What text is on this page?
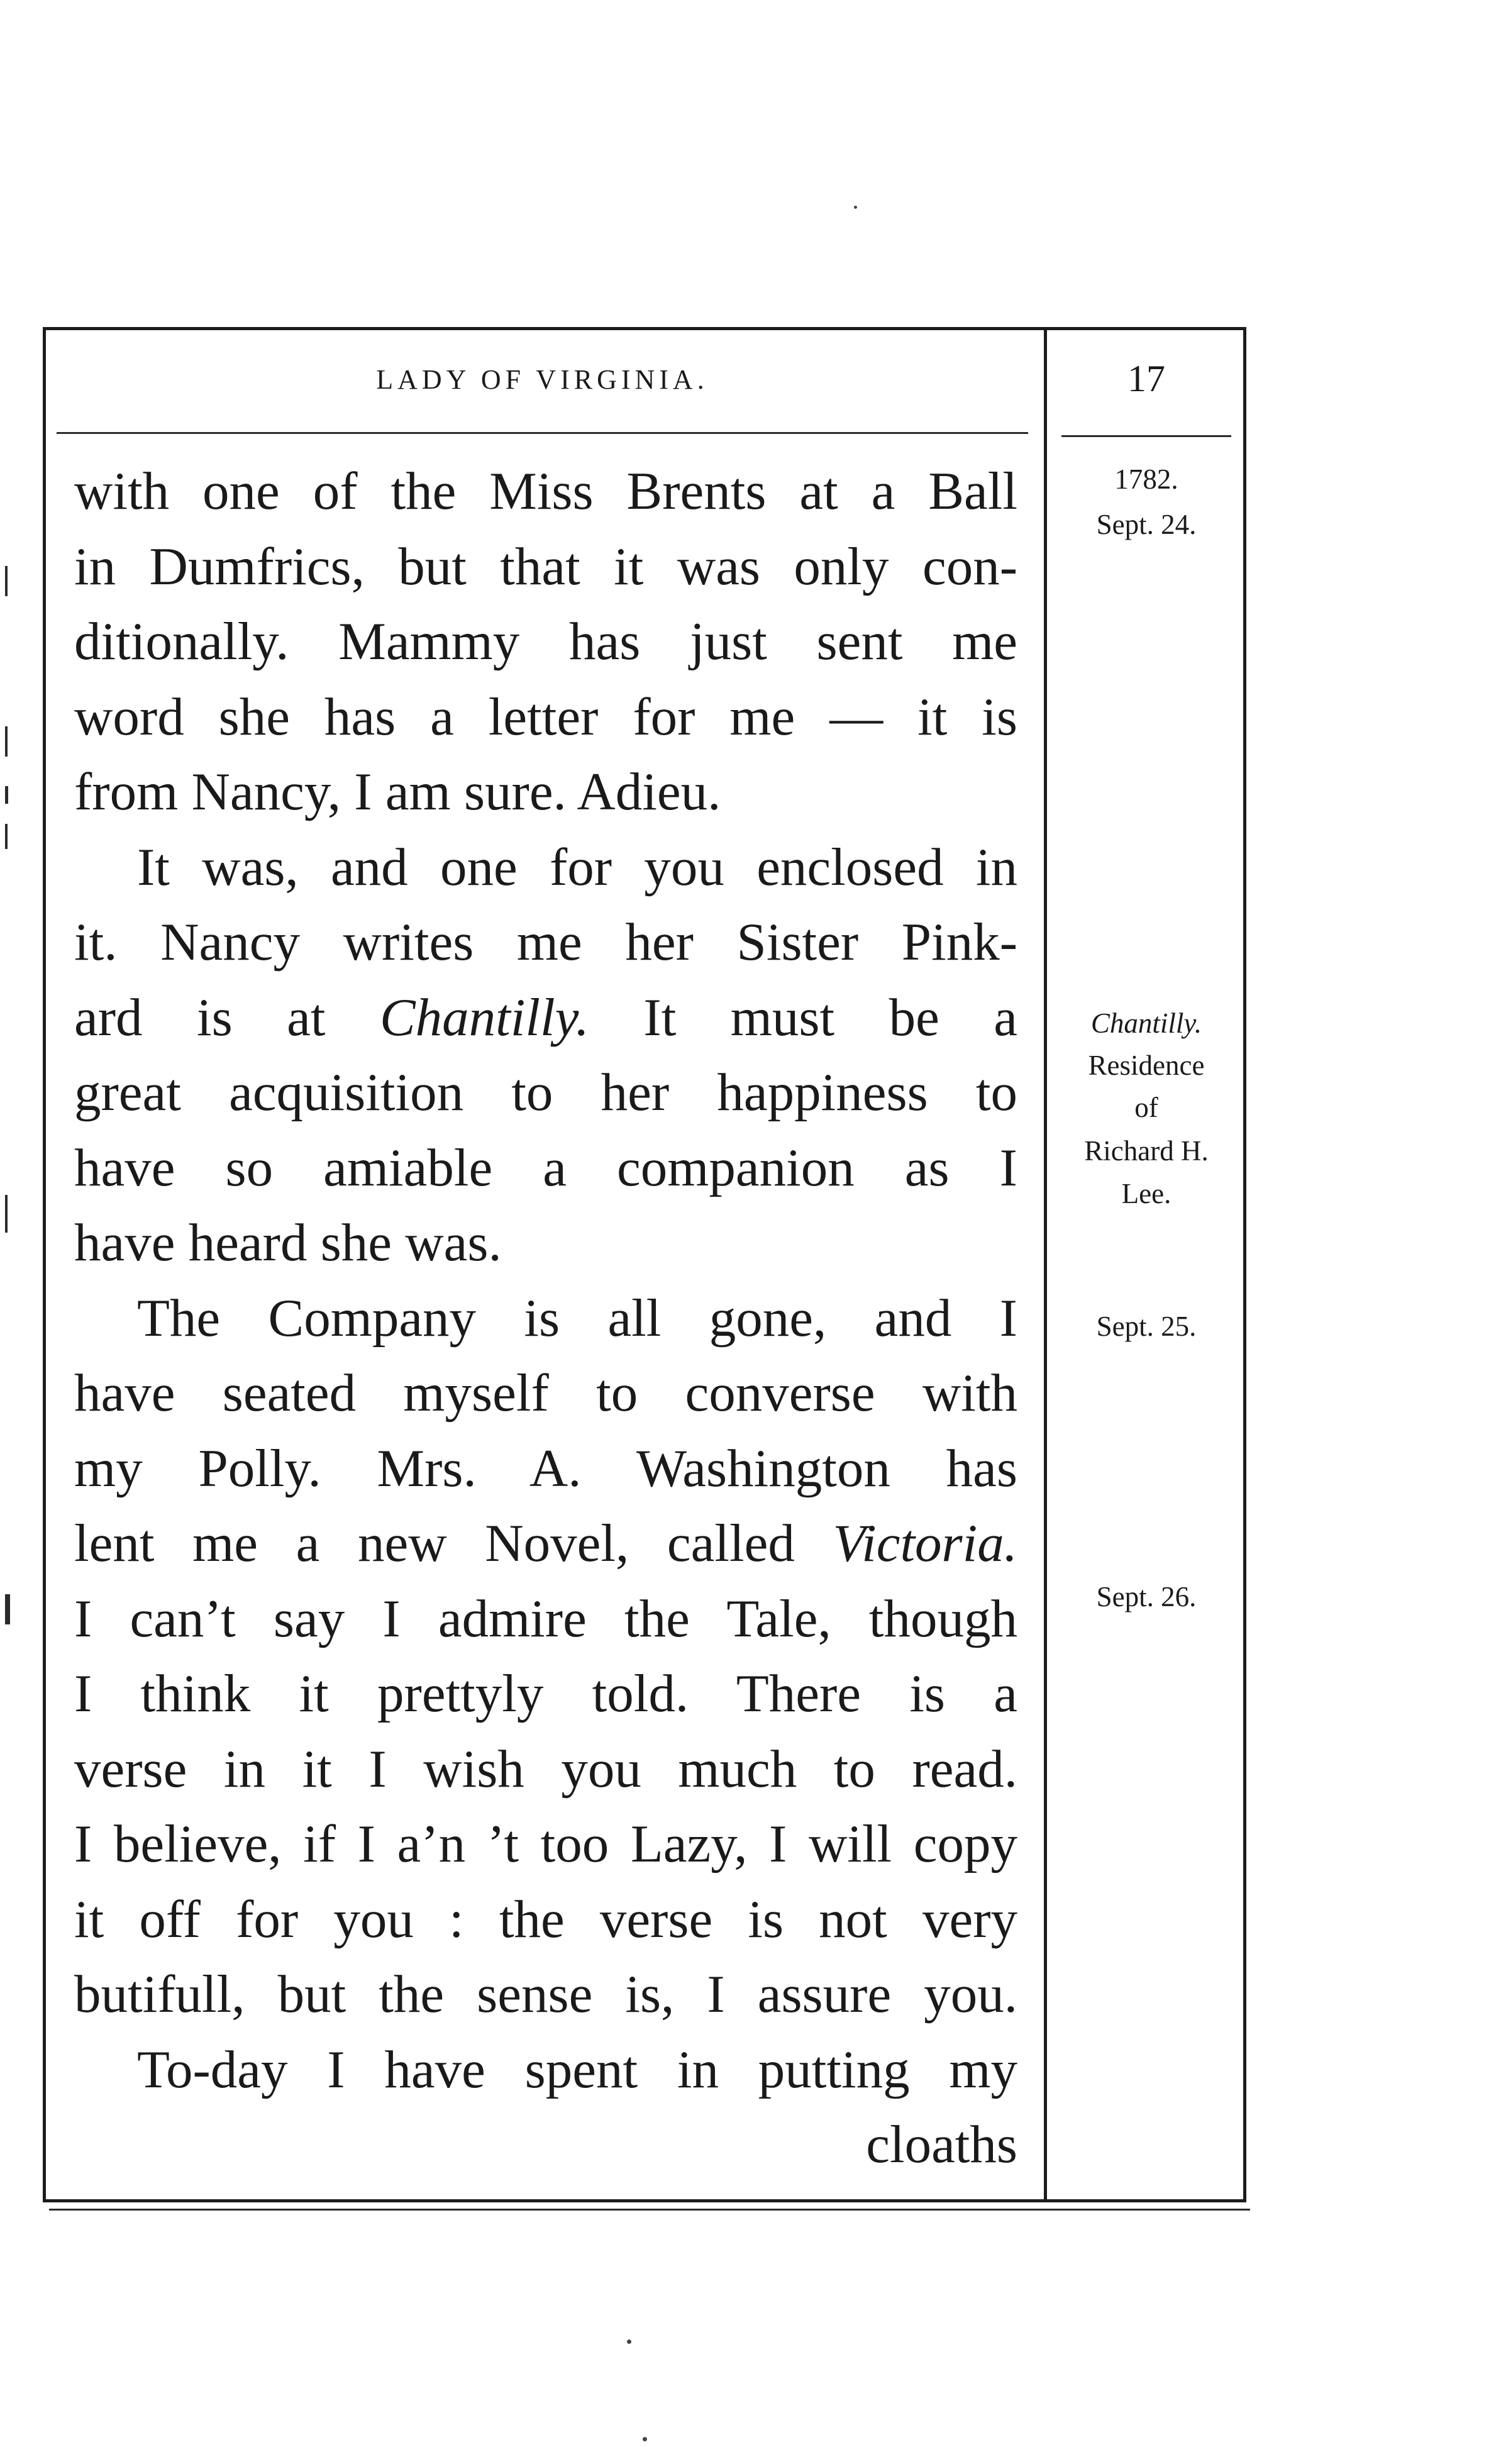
LADY OF VIRGINIA.	17
with one of the Miss Brents at a Ball
in Dumfrics, but that it was only con-
ditionally. Mammy has just sent me
word she has a letter for me — it is
from Nancy, I am sure. Adieu.
It was, and one for you enclosed in
it. Nancy writes me her Sister Pink-
ard is at Chantilly. It must be a
great acquisition to her happiness to
have so amiable a companion as I
have heard she was.
The Company is all gone, and I
have seated myself to converse with
my Polly. Mrs. A. Washington has
lent me a new Novel, called Victoria.
I can’t say I admire the Tale, though
I think it prettyly told. There is a
verse in it I wish you much to read.
I believe, if I a’n ’t too Lazy, I will copy
it off for you : the verse is not very
butifull, but the sense is, I assure you.
To-day I have spent in putting my
cloaths
1782.
Sept. 24.
Chantilly.
Residence
of
Richard H.
Lee.
Sept. 25.
Sept. 26.
